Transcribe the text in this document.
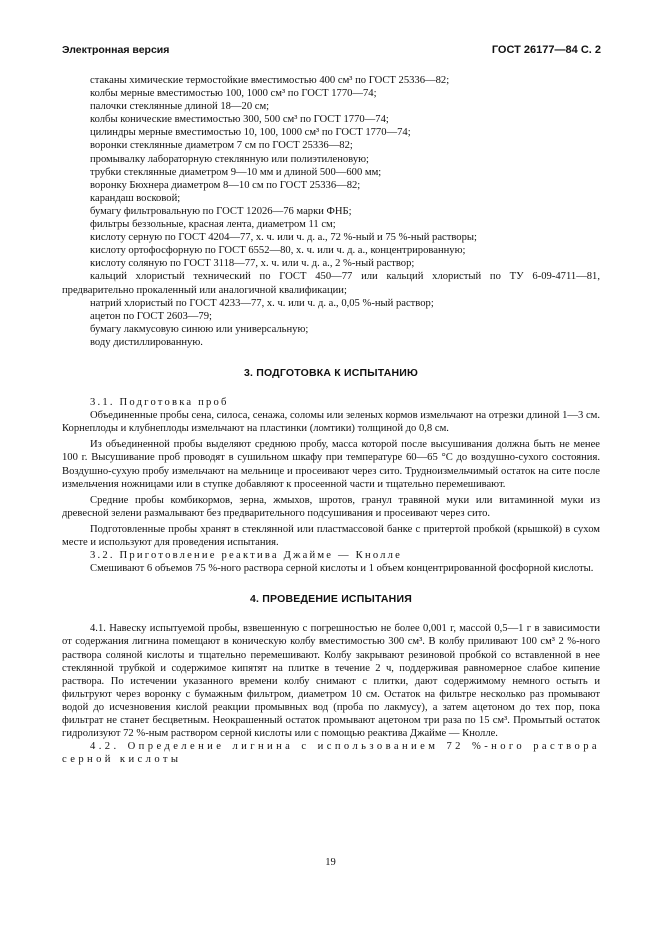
Электронная версия	ГОСТ 26177—84 С. 2

стаканы химические термостойкие вместимостью 400 см³ по ГОСТ 25336—82;

колбы мерные вместимостью 100, 1000 см³ по ГОСТ 1770—74;

палочки стеклянные длиной 18—20 см;

колбы конические вместимостью 300, 500 см³ по ГОСТ 1770—74;

цилиндры мерные вместимостью 10, 100, 1000 см³ по ГОСТ 1770—74;

воронки стеклянные диаметром 7 см по ГОСТ 25336—82;

промывалку лабораторную стеклянную или полиэтиленовую;

трубки стеклянные диаметром 9—10 мм и длиной 500—600 мм;

воронку Бюхнера диаметром 8—10 см по ГОСТ 25336—82;

карандаш восковой;

бумагу фильтровальную по ГОСТ 12026—76 марки ФНБ;

фильтры беззольные, красная лента, диаметром 11 см;

кислоту серную по ГОСТ 4204—77, х. ч. или ч. д. а., 72 %-ный и 75 %-ный растворы;

кислоту ортофосфорную по ГОСТ 6552—80, х. ч. или ч. д. а., концентрированную;

кислоту соляную по ГОСТ 3118—77, х. ч. или ч. д. а., 2 %-ный раствор;

кальций хлористый технический по ГОСТ 450—77 или кальций хлористый по ТУ 6-09-4711—81, предварительно прокаленный или аналогичной квалификации;

натрий хлористый по ГОСТ 4233—77, х. ч. или ч. д. а., 0,05 %-ный раствор;

ацетон по ГОСТ 2603—79;

бумагу лакмусовую синюю или универсальную;

воду дистиллированную.

3. ПОДГОТОВКА К ИСПЫТАНИЮ

3.1. Подготовка проб

Объединенные пробы сена, силоса, сенажа, соломы или зеленых кормов измельчают на отрезки длиной 1—3 см. Корнеплоды и клубнеплоды измельчают на пластинки (ломтики) толщиной до 0,8 см.

Из объединенной пробы выделяют среднюю пробу, масса которой после высушивания должна быть не менее 100 г. Высушивание проб проводят в сушильном шкафу при температуре 60—65 °С до воздушно-сухого состояния. Воздушно-сухую пробу измельчают на мельнице и просеивают через сито. Трудноизмельчимый остаток на сите после измельчения ножницами или в ступке добавляют к просеенной части и тщательно перемешивают.

Средние пробы комбикормов, зерна, жмыхов, шротов, гранул травяной муки или витаминной муки из древесной зелени размалывают без предварительного подсушивания и просеивают через сито.

Подготовленные пробы хранят в стеклянной или пластмассовой банке с притертой пробкой (крышкой) в сухом месте и используют для проведения испытания.

3.2. Приготовление реактива Джайме — Кнолле

Смешивают 6 объемов 75 %-ного раствора серной кислоты и 1 объем концентрированной фосфорной кислоты.

4. ПРОВЕДЕНИЕ ИСПЫТАНИЯ

4.1. Навеску испытуемой пробы, взвешенную с погрешностью не более 0,001 г, массой 0,5—1 г в зависимости от содержания лигнина помещают в коническую колбу вместимостью 300 см³. В колбу приливают 100 см³ 2 %-ного раствора соляной кислоты и тщательно перемешивают. Колбу закрывают резиновой пробкой со вставленной в нее стеклянной трубкой и содержимое кипятят на плитке в течение 2 ч, поддерживая равномерное слабое кипение раствора. По истечении указанного времени колбу снимают с плитки, дают содержимому немного остыть и фильтруют через воронку с бумажным фильтром, диаметром 10 см. Остаток на фильтре несколько раз промывают водой до исчезновения кислой реакции промывных вод (проба по лакмусу), а затем ацетоном до тех пор, пока фильтрат не станет бесцветным. Неокрашенный остаток промывают ацетоном три раза по 15 см³. Промытый остаток гидролизуют 72 %-ным раствором серной кислоты или с помощью реактива Джайме — Кнолле.

4.2. Определение лигнина с использованием 72 %-ного раствора серной кислоты

19
